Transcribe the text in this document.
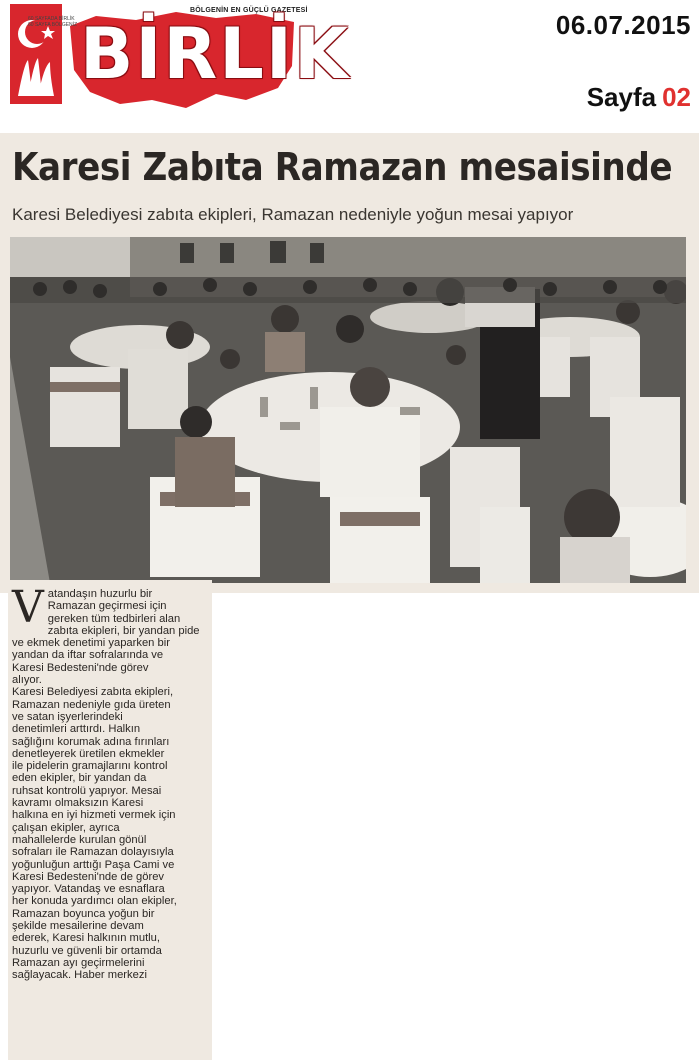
60 SAYFADA BİRLİK 60 SAYFA BÖLGENİZ
BÖLGENİN EN GÜÇLÜ GAZETESİ
BİRLİK	06.07.2015
Sayfa 02
Karesi Zabıta Ramazan mesaisinde
Karesi Belediyesi zabıta ekipleri, Ramazan nedeniyle yoğun mesai yapıyor
Vatandaşın huzurlu bir
Ramazan geçirmesi için
gereken tüm tedbirleri alan
zabıta ekipleri, bir yandan pide
ve ekmek denetimi yaparken bir
yandan da iftar sofralarında ve
Karesi Bedesteni'nde görev
alıyor.
Karesi Belediyesi zabıta ekipleri,
Ramazan nedeniyle gıda üreten
ve satan işyerlerindeki
denetimleri arttırdı. Halkın
sağlığını korumak adına fırınları
denetleyerek üretilen ekmekler
ile pidelerin gramajlarını kontrol
eden ekipler, bir yandan da
ruhsat kontrolü yapıyor. Mesai
kavramı olmaksızın Karesi
halkına en iyi hizmeti vermek için
çalışan ekipler, ayrıca
mahallelerde kurulan gönül
sofraları ile Ramazan dolayısıyla
yoğunluğun arttığı Paşa Cami ve
Karesi Bedesteni'nde de görev
yapıyor. Vatandaş ve esnaflara
her konuda yardımcı olan ekipler,
Ramazan boyunca yoğun bir
şekilde mesailerine devam
ederek, Karesi halkının mutlu,
huzurlu ve güvenli bir ortamda
Ramazan ayı geçirmelerini
sağlayacak. Haber merkezi
